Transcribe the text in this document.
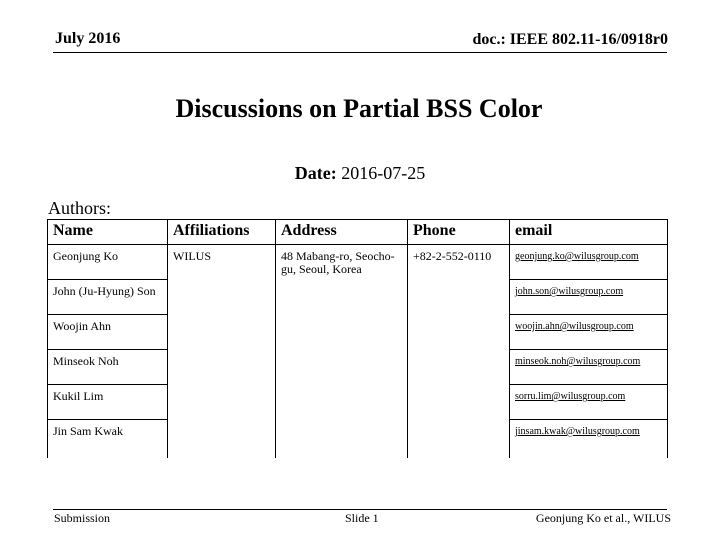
July 2016	doc.: IEEE 802.11-16/0918r0
Discussions on Partial BSS Color
Date: 2016-07-25
Authors:
Name	Affiliations	Address	Phone	email
Geonjung Ko	WILUS	48 Mabang-ro, Seocho-gu, Seoul, Korea	+82-2-552-0110	geonjung.ko@wilusgroup.com
John (Ju-Hyung) Son				john.son@wilusgroup.com
Woojin Ahn				woojin.ahn@wilusgroup.com
Minseok Noh				minseok.noh@wilusgroup.com
Kukil Lim				sorru.lim@wilusgroup.com
Jin Sam Kwak				jinsam.kwak@wilusgroup.com
Submission	Slide 1	Geonjung Ko et al., WILUS
